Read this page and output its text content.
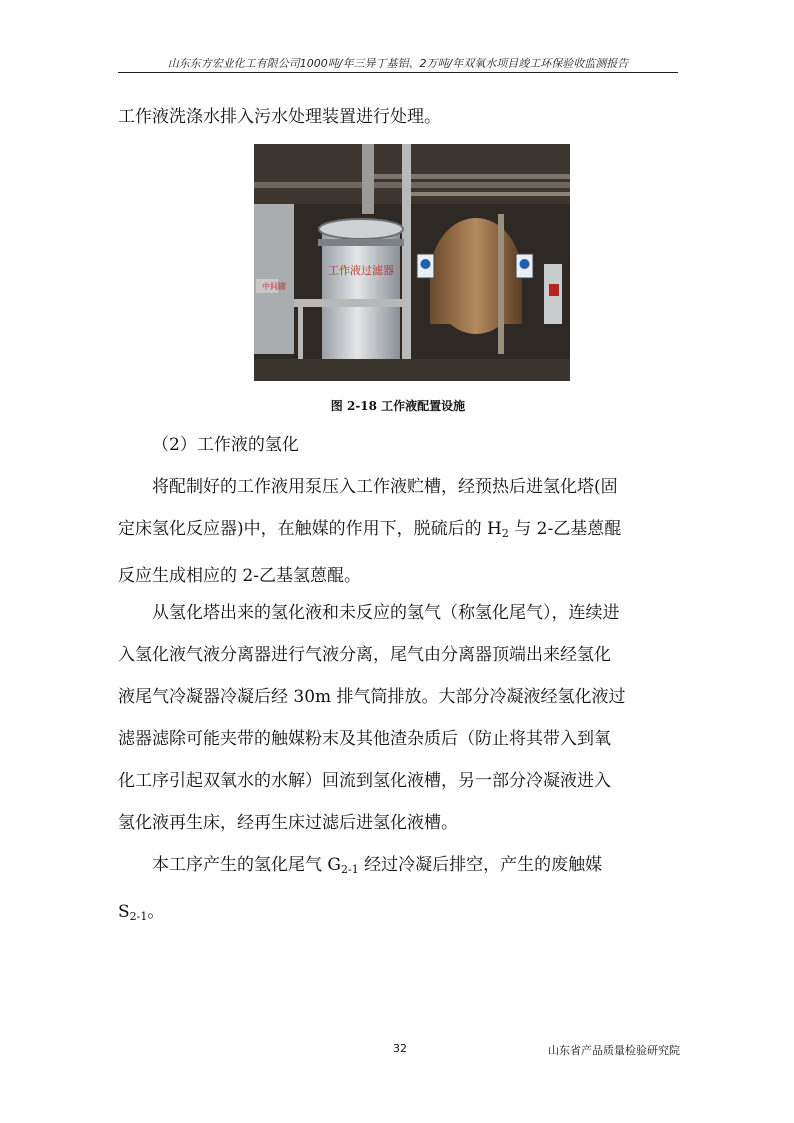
山东东方宏业化工有限公司1000吨/年三异丁基铝、2万吨/年双氧水项目竣工环保验收监测报告

工作液洗涤水排入污水处理装置进行处理。

工作液过滤器
中间罐
图 2-18 工作液配置设施

（2）工作液的氢化

将配制好的工作液用泵压入工作液贮槽，经预热后进氢化塔(固
定床氢化反应器)中，在触媒的作用下，脱硫后的 $H_2$ 与 2-乙基蒽醌
反应生成相应的 2-乙基氢蒽醌。

从氢化塔出来的氢化液和未反应的氢气（称氢化尾气），连续进
入氢化液气液分离器进行气液分离，尾气由分离器顶端出来经氢化
液尾气冷凝器冷凝后经 30m 排气筒排放。大部分冷凝液经氢化液过
滤器滤除可能夹带的触媒粉末及其他渣杂质后（防止将其带入到氧
化工序引起双氧水的水解）回流到氢化液槽，另一部分冷凝液进入
氢化液再生床，经再生床过滤后进氢化液槽。

本工序产生的氢化尾气 $G_{2-1}$ 经过冷凝后排空，产生的废触媒
$S_{2-1}$。

32	山东省产品质量检验研究院
